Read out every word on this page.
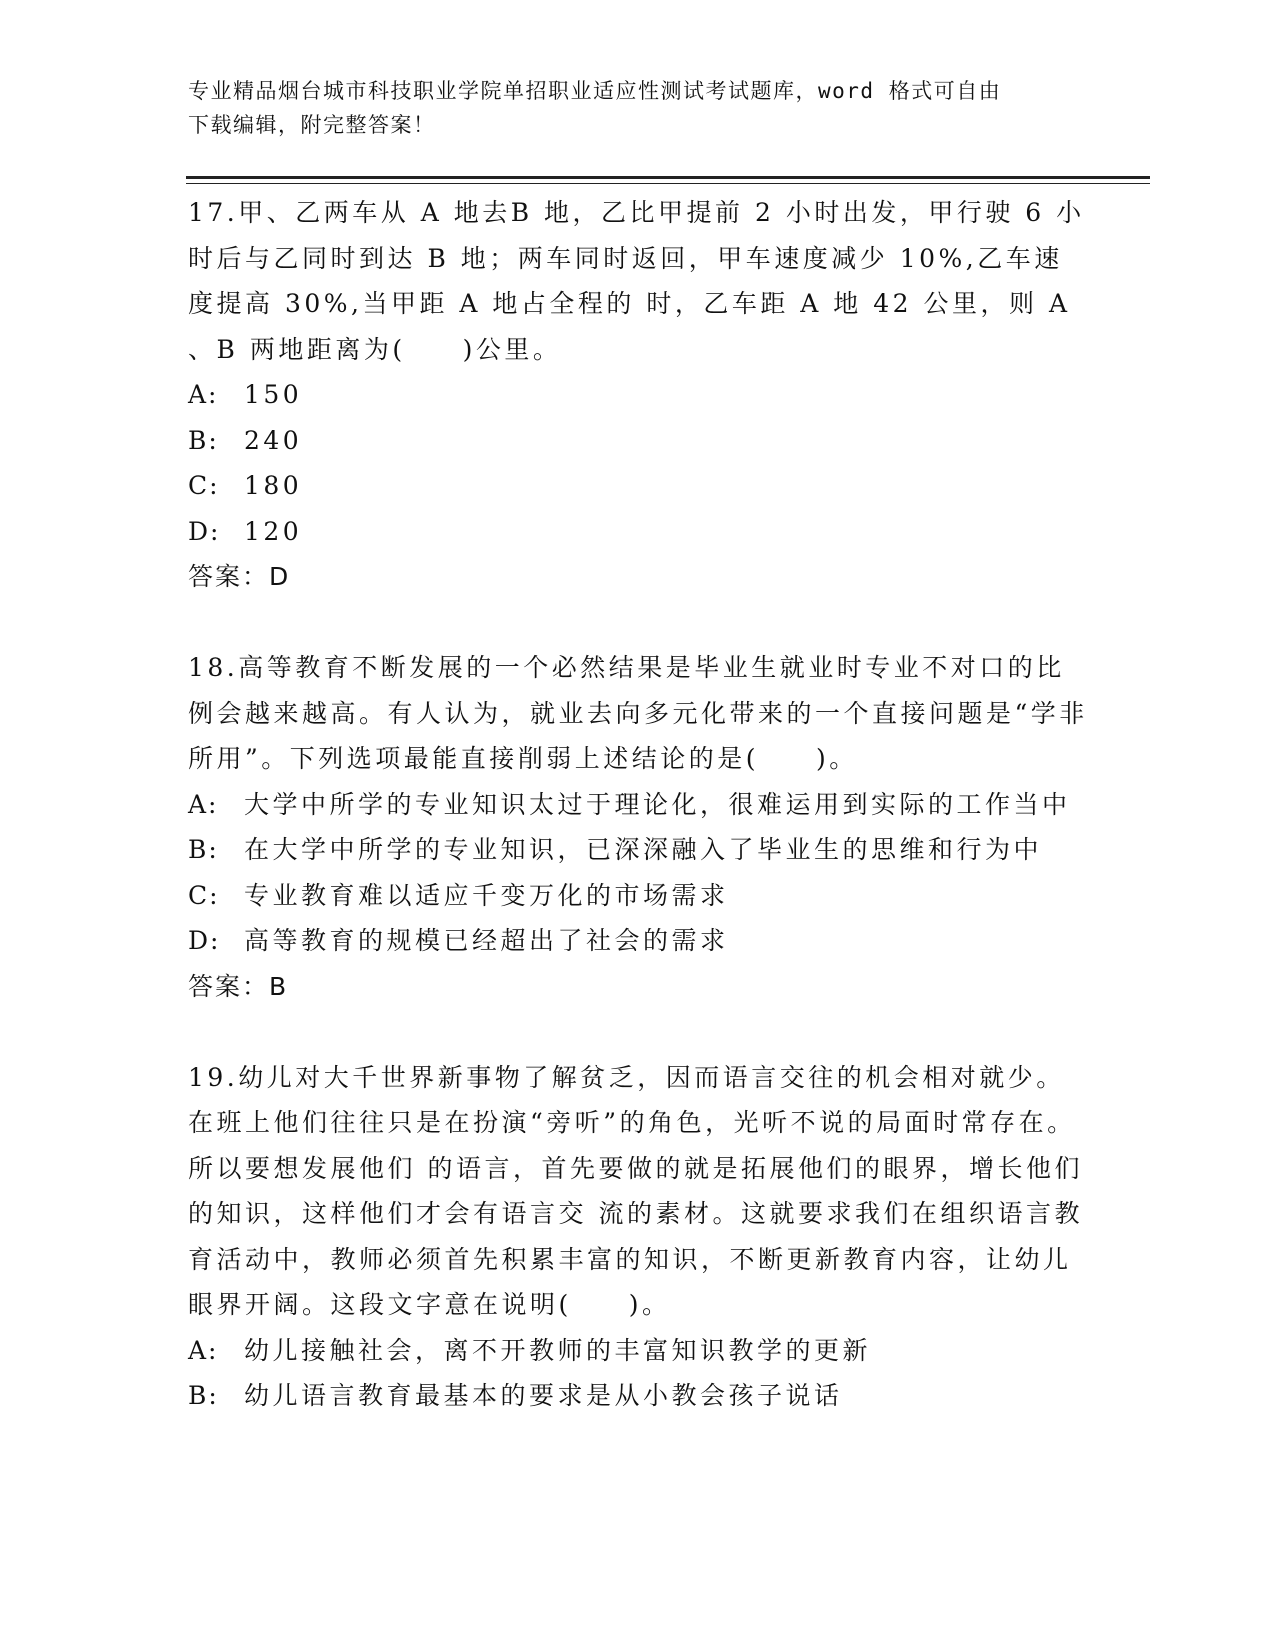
专业精品烟台城市科技职业学院单招职业适应性测试考试题库，word 格式可自由

下载编辑，附完整答案！

17.甲、乙两车从 A 地去B 地，乙比甲提前 2 小时出发，甲行驶 6 小时后与乙同时到达 B 地；两车同时返回，甲车速度减少 10%,乙车速度提高 30%,当甲距 A 地占全程的 时，乙车距 A 地 42 公里，则 A 、B 两地距离为(　　)公里。

A:	150
B:	240
C: 180
D: 120

答案：D

18.高等教育不断发展的一个必然结果是毕业生就业时专业不对口的比例会越来越高。有人认为，就业去向多元化带来的一个直接问题是“学非所用”。下列选项最能直接削弱上述结论的是(　　)。

A:	大学中所学的专业知识太过于理论化，很难运用到实际的工作当中
B:	在大学中所学的专业知识，已深深融入了毕业生的思维和行为中
C: 专业教育难以适应千变万化的市场需求
D: 高等教育的规模已经超出了社会的需求

答案：B

19.幼儿对大千世界新事物了解贫乏，因而语言交往的机会相对就少。在班上他们往往只是在扮演“旁听”的角色，光听不说的局面时常存在。所以要想发展他们 的语言，首先要做的就是拓展他们的眼界，增长他们的知识，这样他们才会有语言交 流的素材。这就要求我们在组织语言教育活动中，教师必须首先积累丰富的知识，不断更新教育内容，让幼儿眼界开阔。这段文字意在说明(　　)。

A:	幼儿接触社会，离不开教师的丰富知识教学的更新
B:	幼儿语言教育最基本的要求是从小教会孩子说话
